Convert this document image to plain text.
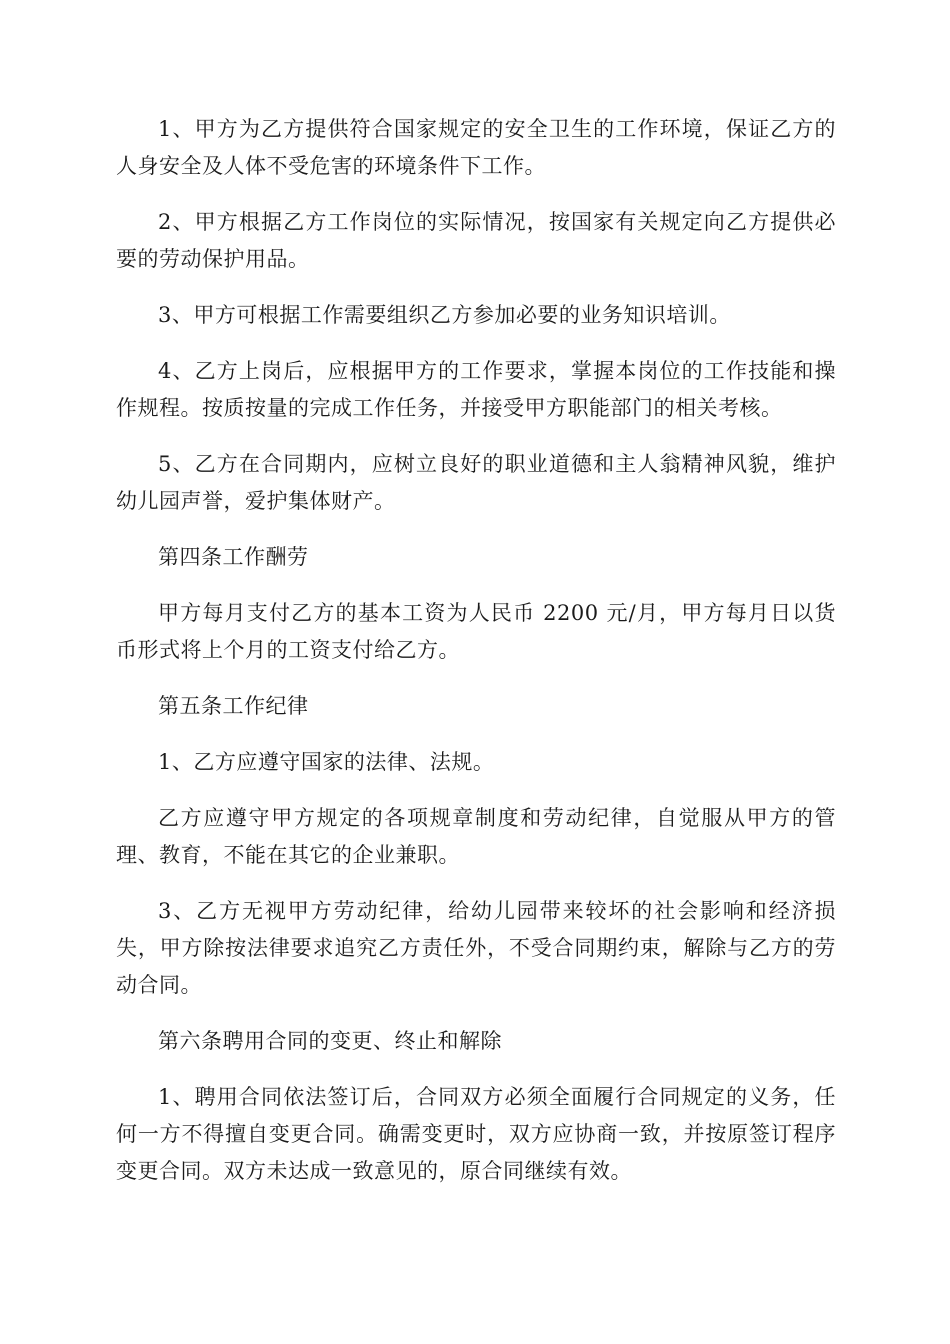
1、甲方为乙方提供符合国家规定的安全卫生的工作环境，保证乙方的人身安全及人体不受危害的环境条件下工作。

2、甲方根据乙方工作岗位的实际情况，按国家有关规定向乙方提供必要的劳动保护用品。

3、甲方可根据工作需要组织乙方参加必要的业务知识培训。

4、乙方上岗后，应根据甲方的工作要求，掌握本岗位的工作技能和操作规程。按质按量的完成工作任务，并接受甲方职能部门的相关考核。

5、乙方在合同期内，应树立良好的职业道德和主人翁精神风貌，维护幼儿园声誉，爱护集体财产。

第四条工作酬劳

甲方每月支付乙方的基本工资为人民币 2200 元/月，甲方每月日以货币形式将上个月的工资支付给乙方。

第五条工作纪律

1、乙方应遵守国家的法律、法规。

乙方应遵守甲方规定的各项规章制度和劳动纪律，自觉服从甲方的管理、教育，不能在其它的企业兼职。

3、乙方无视甲方劳动纪律，给幼儿园带来较坏的社会影响和经济损失，甲方除按法律要求追究乙方责任外，不受合同期约束，解除与乙方的劳动合同。

第六条聘用合同的变更、终止和解除

1、聘用合同依法签订后，合同双方必须全面履行合同规定的义务，任何一方不得擅自变更合同。确需变更时，双方应协商一致，并按原签订程序变更合同。双方未达成一致意见的，原合同继续有效。
